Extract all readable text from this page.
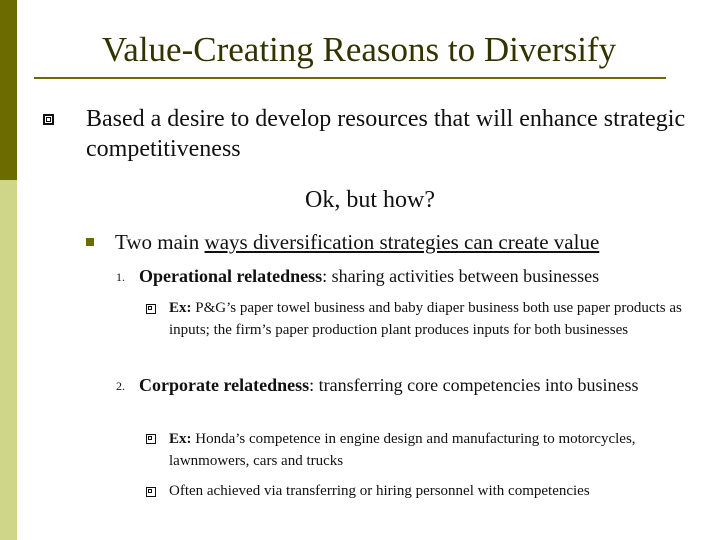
Value-Creating Reasons to Diversify
Based a desire to develop resources that will enhance strategic competitiveness
Ok, but how?
Two main ways diversification strategies can create value
1. Operational relatedness: sharing activities between businesses
Ex: P&G’s paper towel business and baby diaper business both use paper products as inputs; the firm’s paper production plant produces inputs for both businesses
2. Corporate relatedness: transferring core competencies into business
Ex: Honda’s competence in engine design and manufacturing to motorcycles, lawnmowers, cars and trucks
Often achieved via transferring or hiring personnel with competencies
